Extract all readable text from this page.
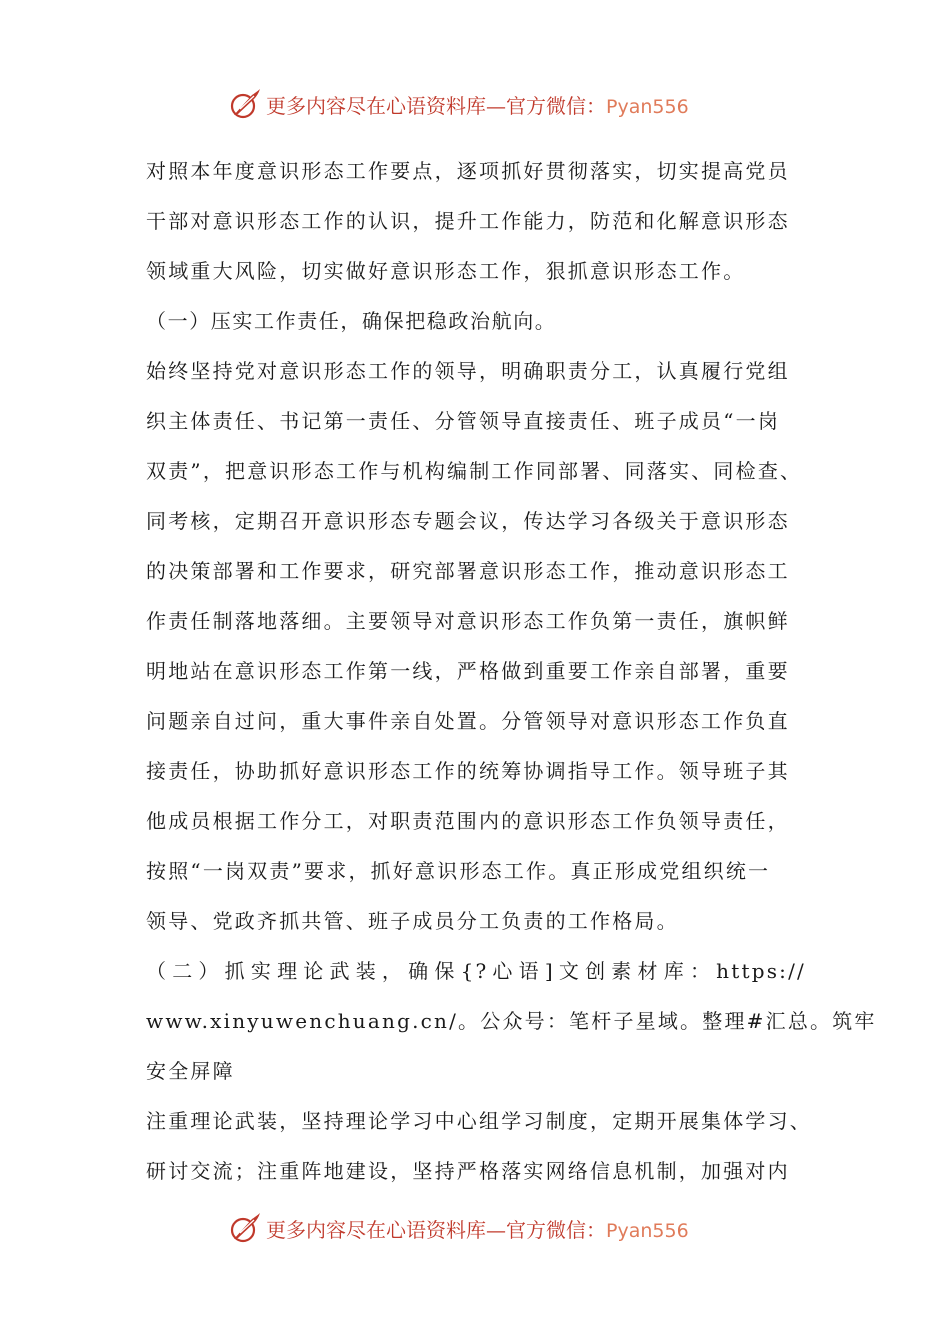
更多内容尽在心语资料库—官方微信：Pyan556
对照本年度意识形态工作要点，逐项抓好贯彻落实，切实提高党员
干部对意识形态工作的认识，提升工作能力，防范和化解意识形态
领域重大风险，切实做好意识形态工作，狠抓意识形态工作。
（一）压实工作责任，确保把稳政治航向。
始终坚持党对意识形态工作的领导，明确职责分工，认真履行党组
织主体责任、书记第一责任、分管领导直接责任、班子成员“一岗
双责”，把意识形态工作与机构编制工作同部署、同落实、同检查、
同考核，定期召开意识形态专题会议，传达学习各级关于意识形态
的决策部署和工作要求，研究部署意识形态工作，推动意识形态工
作责任制落地落细。主要领导对意识形态工作负第一责任，旗帜鲜
明地站在意识形态工作第一线，严格做到重要工作亲自部署，重要
问题亲自过问，重大事件亲自处置。分管领导对意识形态工作负直
接责任，协助抓好意识形态工作的统筹协调指导工作。领导班子其
他成员根据工作分工，对职责范围内的意识形态工作负领导责任，
按照“一岗双责”要求，抓好意识形态工作。真正形成党组织统一
领导、党政齐抓共管、班子成员分工负责的工作格局。
（二）抓实理论武装，确保{?心语]文创素材库：https://
www.xinyuwenchuang.cn/。公众号：笔杆子星域。整理#汇总。筑牢
安全屏障
注重理论武装，坚持理论学习中心组学习制度，定期开展集体学习、
研讨交流；注重阵地建设，坚持严格落实网络信息机制，加强对内
更多内容尽在心语资料库—官方微信：Pyan556
